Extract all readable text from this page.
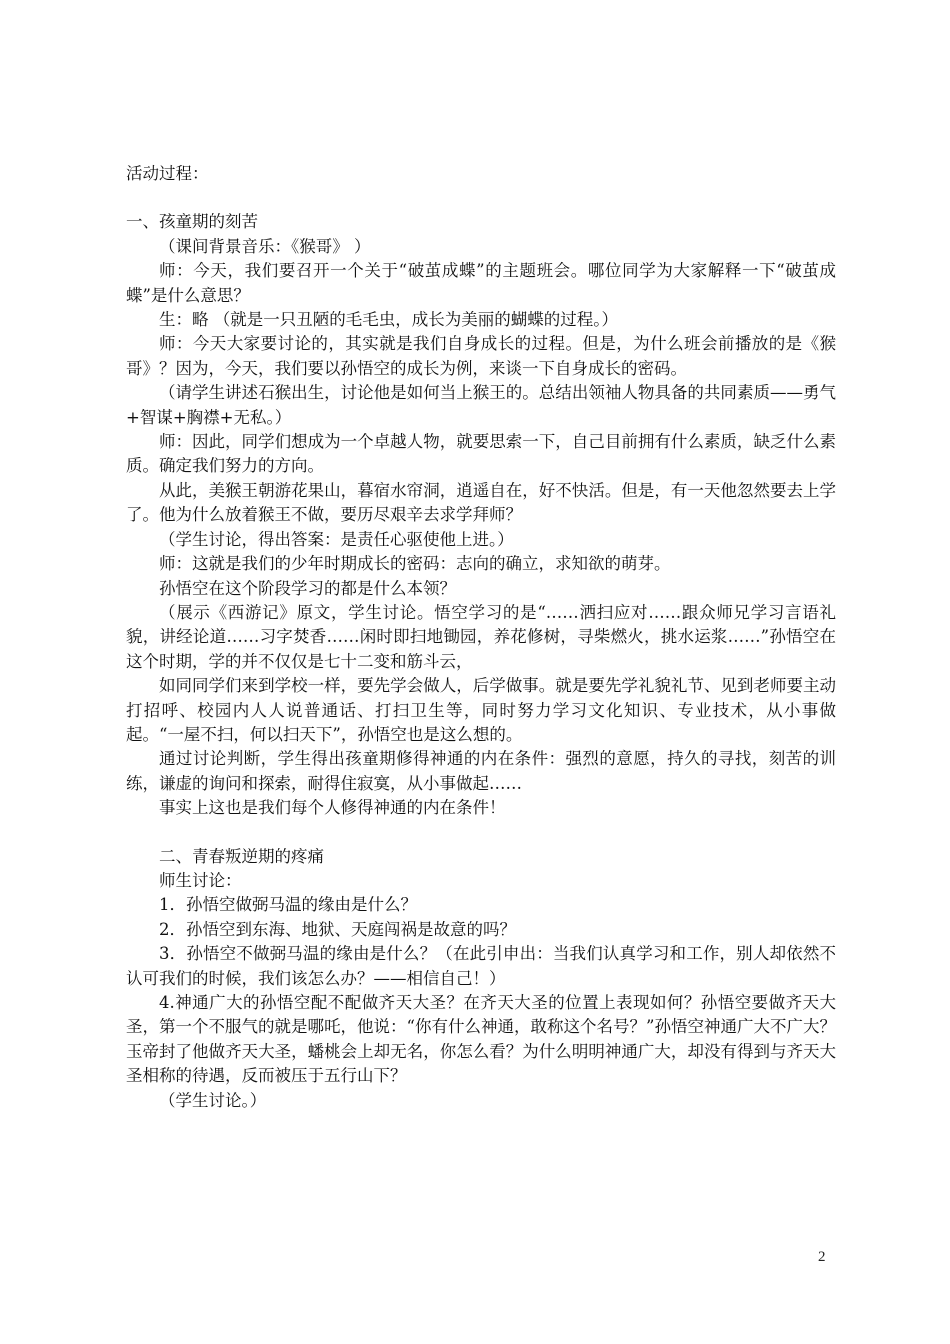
活动过程：

一、孩童期的刻苦

（课间背景音乐：《猴哥》 ）

师：今天，我们要召开一个关于“破茧成蝶”的主题班会。哪位同学为大家解释一下“破茧成蝶”是什么意思？

生：略 （就是一只丑陋的毛毛虫，成长为美丽的蝴蝶的过程。）

师：今天大家要讨论的，其实就是我们自身成长的过程。但是，为什么班会前播放的是《猴哥》？因为，今天，我们要以孙悟空的成长为例，来谈一下自身成长的密码。

（请学生讲述石猴出生，讨论他是如何当上猴王的。总结出领袖人物具备的共同素质——勇气+智谋+胸襟+无私。）

师：因此，同学们想成为一个卓越人物，就要思索一下，自己目前拥有什么素质，缺乏什么素质。确定我们努力的方向。

从此，美猴王朝游花果山，暮宿水帘洞，逍遥自在，好不快活。但是，有一天他忽然要去上学了。他为什么放着猴王不做，要历尽艰辛去求学拜师？

（学生讨论，得出答案：是责任心驱使他上进。）

师：这就是我们的少年时期成长的密码：志向的确立，求知欲的萌芽。

孙悟空在这个阶段学习的都是什么本领？

（展示《西游记》原文，学生讨论。悟空学习的是“……洒扫应对……跟众师兄学习言语礼貌，讲经论道……习字焚香……闲时即扫地锄园，养花修树，寻柴燃火，挑水运浆……”孙悟空在这个时期，学的并不仅仅是七十二变和筋斗云，

如同同学们来到学校一样，要先学会做人，后学做事。就是要先学礼貌礼节、见到老师要主动打招呼、校园内人人说普通话、打扫卫生等，同时努力学习文化知识、专业技术，从小事做起。“一屋不扫，何以扫天下”，孙悟空也是这么想的。

通过讨论判断，学生得出孩童期修得神通的内在条件：强烈的意愿，持久的寻找，刻苦的训练，谦虚的询问和探索，耐得住寂寞，从小事做起……

事实上这也是我们每个人修得神通的内在条件！

二、青春叛逆期的疼痛

师生讨论：

1．孙悟空做弼马温的缘由是什么？

2．孙悟空到东海、地狱、天庭闯祸是故意的吗？

3．孙悟空不做弼马温的缘由是什么？（在此引申出：当我们认真学习和工作，别人却依然不认可我们的时候，我们该怎么办？——相信自己！）

4.神通广大的孙悟空配不配做齐天大圣？在齐天大圣的位置上表现如何？孙悟空要做齐天大圣，第一个不服气的就是哪吒，他说：“你有什么神通，敢称这个名号？”孙悟空神通广大不广大？玉帝封了他做齐天大圣，蟠桃会上却无名，你怎么看？为什么明明神通广大，却没有得到与齐天大圣相称的待遇，反而被压于五行山下？

（学生讨论。）

2
